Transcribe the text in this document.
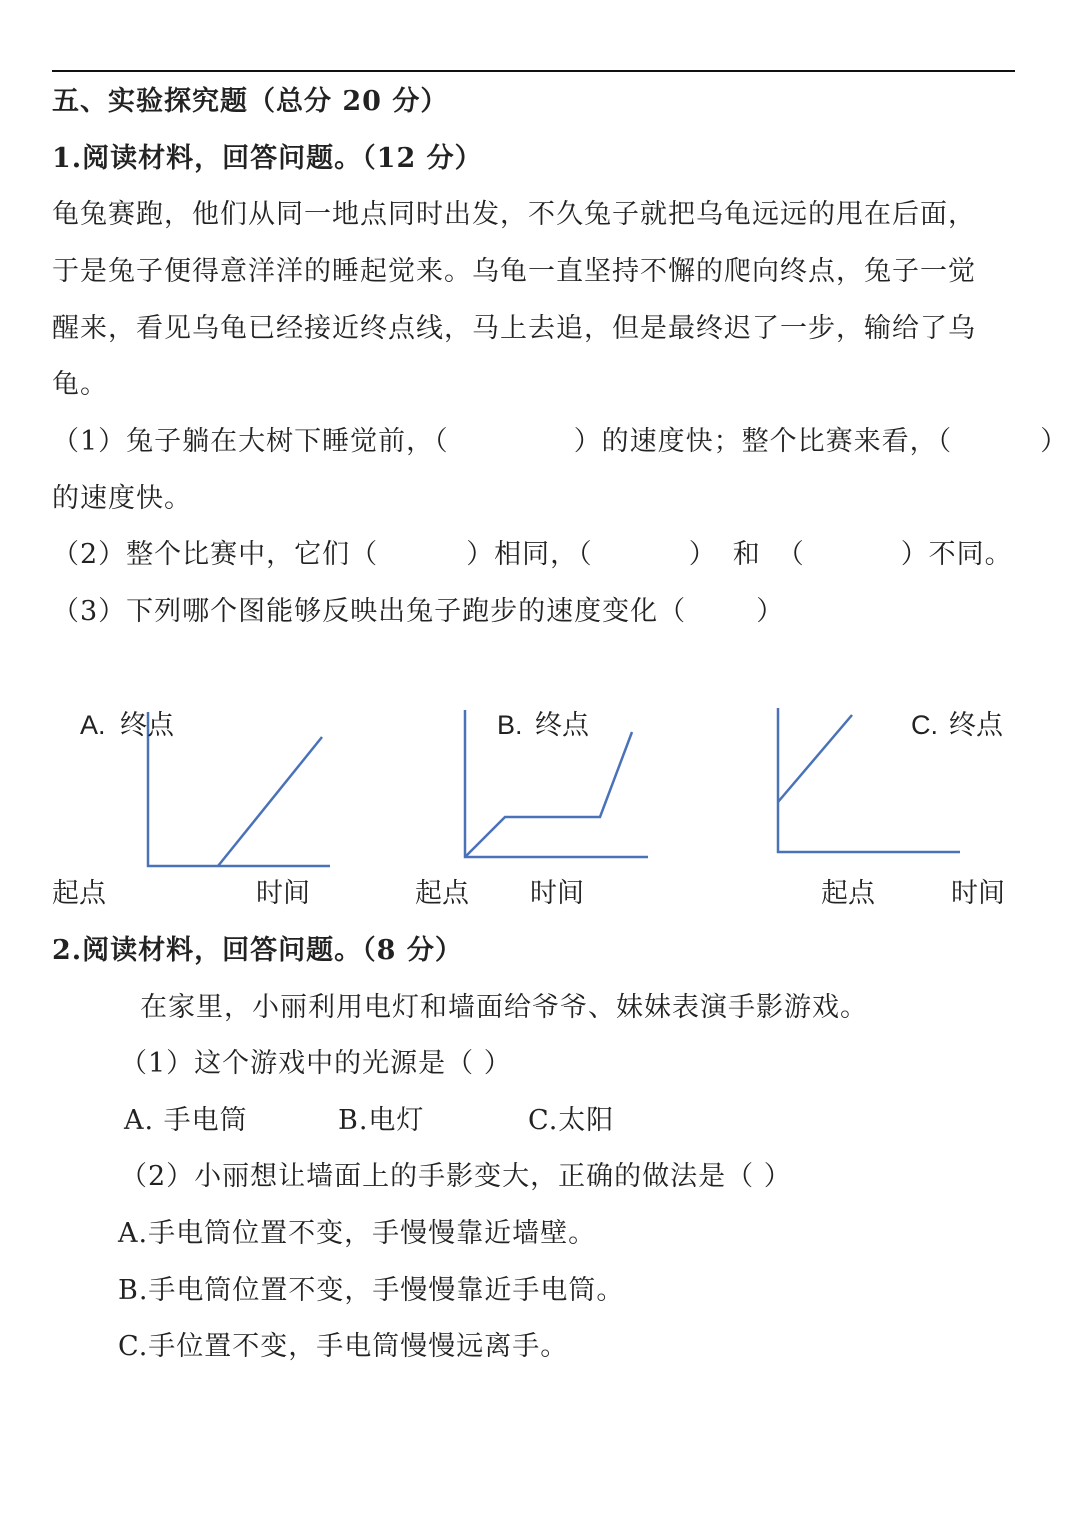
五、实验探究题（总分 20 分）
1.阅读材料，回答问题。（12 分）
龟兔赛跑，他们从同一地点同时出发，不久兔子就把乌龟远远的甩在后面，
于是兔子便得意洋洋的睡起觉来。乌龟一直坚持不懈的爬向终点，兔子一觉
醒来，看见乌龟已经接近终点线，马上去追，但是最终迟了一步，输给了乌
龟。
（1）兔子躺在大树下睡觉前，（	）的速度快；整个比赛来看，（	）
的速度快。
（2）整个比赛中，它们（	）相同，（	） 和 （	）不同。
（3）下列哪个图能够反映出兔子跑步的速度变化（	）
A. 终点	B. 终点	C. 终点
起点	时间	起点 时间	起点	时间
2.阅读材料，回答问题。（8 分）
在家里，小丽利用电灯和墙面给爷爷、妹妹表演手影游戏。
（1）这个游戏中的光源是（ ）
A. 手电筒	B.电灯	C.太阳
（2）小丽想让墙面上的手影变大，正确的做法是（ ）
A.手电筒位置不变，手慢慢靠近墙壁。
B.手电筒位置不变，手慢慢靠近手电筒。
C.手位置不变，手电筒慢慢远离手。
